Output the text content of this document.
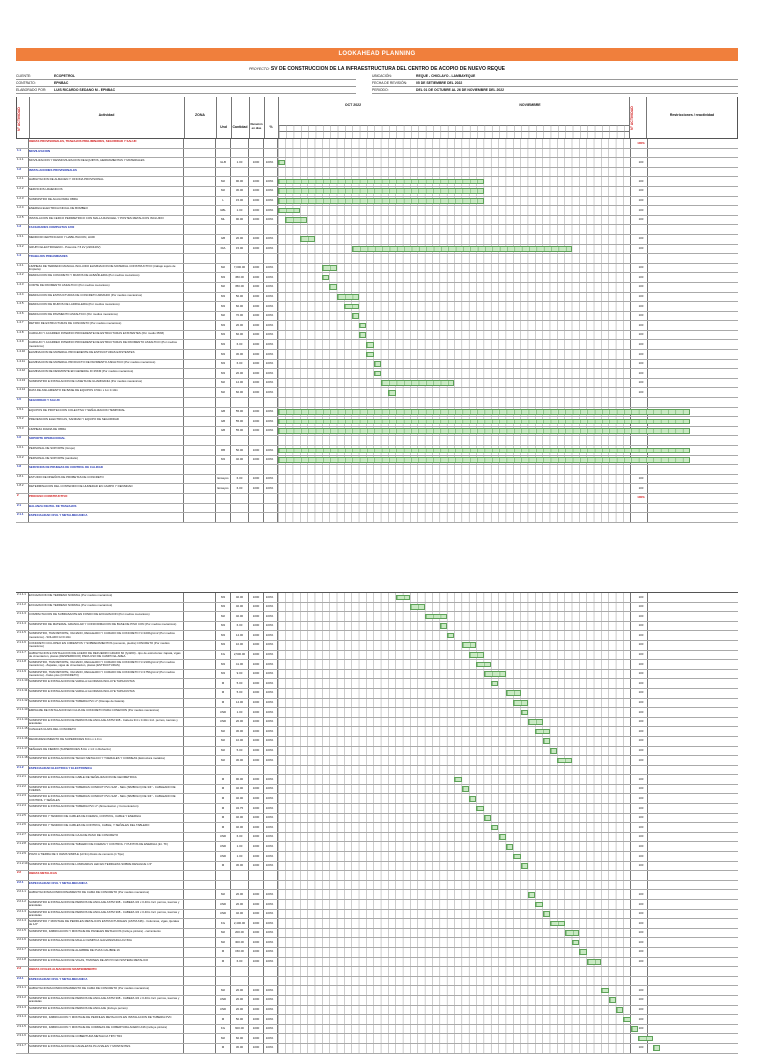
LOOKAHEAD PLANNING
PROYECTO: SV DE CONSTRUCCION DE LA INFRAESTRUCTURA DEL CENTRO DE ACOPIO DE NUEVO REQUE
CLIENTE:	ECOPETROL
CONTRATO:	EPNBAC
ELABORADO POR: LUIS RICARDO SEDANO M - EPNBAC
UBICACIÓN:	REQUE - CHICLAYO - LAMBAYEQUE
FECHA DE REVISIÓN:	05 DE SETIEMBRE DEL 2022
PERIODO:	DEL 01 DE OCTUBRE AL 26 DE NOVIEMBRE DEL 2022
N° ACTIVIDAD	Actividad	ZONA
Und	Cantidad
Duración en días	%
OCT 2022	NOVIEMBRE
N° ACTIVIDAD	Restricciones / reactividad
OBRAS PROVISIONALES, TRABAJOS PRELIMINARES, SEGURIDAD Y SALUD	100%
1.1	MOVILIZACION
1.1.1	MOVILIZACION Y DESMOVILIZACION DE EQUIPOS, HERRAMIENTAS Y MATERIALES	GLB	1.00	1000	100%	100
1.2	INSTALACIONES PROVISIONALES
1.2.1	HABILITACION DE ALMACEN Y OFICINA PROVISIONAL	M2	90.00	1000	100%	100
1.2.2	SERVICIOS HIGIENICOS	M2	30.00	1000	100%	100
1.2.3	SUMINISTRO DE AGUA PARA OBRA	L	15.00	1000	100%	100
1.2.4	ENERGIA ELECTRICA INICIAL DE BOMBEO	GBL	1.00	1000	100%	100
1.2.5	INSTALACION DE CERCO PERIMETRICO CON MALLA RASCHEL Y POSTES METALICOS INCLUIDO	ML	90.00	1000	100%	100
1.3	FACILIDADES COMPLETAS 1200
1.3.1	MEDIDOR CERTIFICADO Y HABILITACION, HURI	GB	20.00	1000	100%	100
1.3.2	GRUPO ELECTROGENO - Potencia 7.5 kV (220/440V)	DIA	15.00	1000	100%	100
1.4	TRABAJOS PRELIMINARES
1.4.1	LIMPIEZA DE TERRENO MANUAL INCLUIDO ELIMINACION DE MATERIAL CONSTRUCTIVO (trabajo sujeto de limpieza)	M2	7,000.00	1000	100%	100
1.4.2	DEMOLICION DE CONCRETO Y MUROS DE ALBAÑILERIA (Por medios mecanicos)	M3	450.00	1000	100%	100
1.4.3	CORTE DE PAVIMENTO ASFALTICO (Por medios mecanicos)	M2	350.00	1000	100%	100
1.4.4	DEMOLICION DE ESTRUCTURAS DE CONCRETO ARMADO (Por medios mecanicos)	M3	50.00	1000	100%	100
1.4.5	DEMOLICION DE MUROS DE LADRILLERIA (Por medios mecanicos)	M3	60.00	1000	100%	100
1.4.6	DEMOLICION DE PAVIMENTO ASFALTICO (Por medios mecanicos)	M2	70.00	1000	100%	100
1.4.7	RETIRO DE ESTRUCTURAS DE CONCRETO (Por medios mecanicos)	M3	20.00	1000	100%	100
1.4.8	CARGUIO Y ACARREO INTERNO PROCEDENTE DE ESTRUCTURAS EXISTENTES (Por medio PRM)	M3	60.00	1000	100%	100
1.4.9	CARGUIO Y ACARREO INTERNO PROCEDENTE DE ESTRUCTURAS DE PAVIMENTO ASFALTICO (Por medios mecanicos)	M3	6.00	1000	100%	100
1.4.10	ELIMINACION DE MATERIAL PROCEDENTE DE ESTRUCTURAS EXISTENTES	M3	30.00	1000	100%	100
1.4.11	ELIMINACION DE MATERIAL PRODUCTO DE PAVIMENTO ASFALTICO (Por medios mecanicos)	M3	6.00	1000	100%	100
1.4.12	ELIMINACION DE DESMONTE EN GENERAL D=15KM (Por medios mecanicos)	M3	20.00	1000	100%	100
1.4.13	SUMINISTRO E INSTALACION DE CASETA DE GUARDIANIA (Por medios mecanicos)	M2	12.00	1000	100%	100
1.4.14	DATA DE ASILAMIENTO DE BASE DE EQUIPOS 0.50m x 1m 0.10m	M2	60.00	1000	100%	100
1.5	SEGURIDAD Y SALUD
1.5.1	EQUIPOS DE PROTECCION COLECTIVA Y SEÑALIZACION TEMPORAL	GB	55.00	1000	100%
1.5.2	PREVENCION ELECTRICAS, SANIDAD Y EQUIPO DE SEGURIDAD	GB	55.00	1000	100%
1.5.3	LIMPIEZA DIARIA DE OBRA	GB	55.00	1000	100%
1.6	SOPORTE OPERACIONAL
1.6.1	PERSONAL DE SOPORTE (Grupo)	RB	50.00	1000	100%
1.6.2	PERSONAL DE SOPORTE (sanitario)	M3	40.00	1000	100%
1.8	SERVICIOS DE PRUEBAS DE CONTROL DE CALIDAD
1.8.1	ESTUDIO DE DISEÑOS DE PROBETAS DE CONCRETO	Ensayos	6.00	1000	100%	100
1.8.2	DETERMINACION DEL CONTENIDO DE HUMEDAD EN CAMPO Y DENSIDAD	Ensayos	6.00	1000	100%	100
2	PROCESO CONSTRUCTIVO	100%
2.1	BALANZA DIGITAL DE TRABAJOS
2.1.1	ESPECIALIDAD CIVIL Y METALMECANICA
2.1.1.1	EXCAVACION DE TERRENO NORMAL (Por medios mecanicos)	M3	40.00	1000	100%	100
2.1.1.2	EXCAVACION DE TERRENO NORMAL (Por medios mecanicos)	M3	40.00	1000	100%	100
2.1.1.3	COMPACTACION DE SUBRASANTE EN FONDO DE EXCAVACION (Por medios mecanicos)	M2	40.00	1000	100%	100
2.1.1.4	SUMINISTRO DE MATERIAL GRANULAR Y CONFORMACION DE BASE DE PISO CON (Por medios mecanicos)	M3	6.00	1000	100%	100
2.1.1.5	SUMINISTRO, TRANSPORTE, VACIADO, REGLEADO Y CURADO DE CONCRETO f'c=100Kg/cm2 (Por medios mecanicos) - SOLADO H=0.10m	M3	14.00	1000	100%	100
2.1.1.6	CONCRETO CICLOPEO EN CIMIENTOS Y SOBRECIMIENTOS (cemento, piedra) CONCRETO (Por medios mecanicos)	M3	10.00	1000	100%	100
2.1.1.7	HABILITACION E INSTALACION DE ACERO DE REFUERZO GRADO 60 (fy4200) - tipo de estructuras: zapata, vigas de cimentacion, placas (DESPERDICIO) PARA USO DE CAMPO EL AREA	KG	2,500.00	1000	100%	100
2.1.1.8	SUMINISTRO, TRANSPORTE, VACIADO, REGLEADO Y CURADO DE CONCRETO f'c=210Kg/cm2 (Por medios mecanicos) - Zapatas, vigas de cimentacion, placas (ESTRUCTURAS)	M3	41.00	1000	100%	100
2.1.1.9	SUMINISTRO, TRANSPORTE, VACIADO, REGLEADO Y CURADO DE CONCRETO f'c=175Kg/cm2 (Por medios mecanicos) - Falso piso (CONCRETO)	M3	9.00	1000	100%	100
2.1.1.10 SUMINISTRO E INSTALACION DE VARILLA GLORIADA INCLUYE TAPAJUNTAS	M	5.00	1000	100%	100
2.1.1.11 SUMINISTRO E INSTALACION DE VARILLA GLORIADA INCLUYE TAPAJUNTAS	M	5.00	1000	100%	100
2.1.1.12 SUMINISTRO E INSTALACION DE TUBERIA PVC 2" (Drenaje de bateria)	M	14.00	1000	100%	100
2.1.1.13 EMPALME DE INSTALACION EN CAJA DE CONCRETO PARA CONEXION (Por medios mecanicos)	UND	1.00	1000	100%	100
2.1.1.14 SUMINISTRO E INSTALACION DE PERNOS DE ANCLAJE ASTM 308 - Cabeza 3/4 x 0.40m Incl. pernos, tuercas y arandelas	UND	20.00	1000	100%	100
2.1.1.15 CANALES GUIAS DEL CONCRETO	M2	30.00	1000	100%	100
2.1.1.16 RECRUDESCIMIENTO DE SUPERFICIES 8.0m x 1.0 m	M2	10.00	1000	100%	100
2.1.1.17 SEÑALES DE FIERRO (SUPERFICIES 8.0m x 1.0 m Refuerzo)	M2	5.00	1000	100%	100
2.1.1.18 SUMINISTRO E INSTALACION DE TECHO METALICO Y TIJERALES Y CORREAS (Estructura metalica)	M2	30.00	1000	100%	100
2.1.2	ESPECIALIDAD ELECTRICA Y ELECTRONICA
2.1.2.1	SUMINISTRO E INSTALACION DE CABLE DE SEÑALIZACION DE GEOMETRICA	M	90.00	1000	100%	100
2.1.2.2	SUMINISTRO E INSTALACION DE TUBERIAS CONDUIT PVC-SAP - SEG (SIMBOLO) DE 3/4" - CABLEADO DE FUERZA	M	40.00	1000	100%	100
2.1.2.3	SUMINISTRO E INSTALACION DE TUBERIAS CONDUIT PVC-SAP - SEG (SIMBOLO) DE 3/4" - CABLEADO DE CONTROL Y SEÑALES	M	40.00	1000	100%	100
2.1.2.4	SUMINISTRO E INSTALACION DE TUBERIA PVC 2" (Alimentacion y Comunicacion)	M	32.75	1000	100%	100
2.1.2.5	SUMINISTRO Y TENDIDO DE CABLES DE FUERZA, CONTROL, CABLE Y ENERGIA	M	40.00	1000	100%	100
2.1.2.6	SUMINISTRO Y TENDIDO DE CABLES DE CONTROL, CABLE, Y SEÑALES DEL TABLERO	M	40.00	1000	100%	100
2.1.2.7	SUMINISTRO E INSTALACION DE CAJA DE PASO DE CONCRETO	UND	6.00	1000	100%	100
2.1.2.8	SUMINISTRO E INSTALACION DE TABLERO DE FUERZA Y CONTROL Y PUNTOS DE ENERGIA (Int. TF)	UND	1.00	1000	100%	100
2.1.2.9	POZO A TIERRA DE 3 OHMS SIMPLE (H=3m) Dosis de cemento (1 Tipo)	UND	1.00	1000	100%	100
2.1.2.10 SUMINISTRO E INSTALACION DE LUMINARIAS LED EN TERRAZAS SOBRE DESAGUE 1.5"	M	30.00	1000	100%	100
2.2	OBRAS METALICAS
2.2.1	ESPECIALIDAD CIVIL Y METALMECANICA
2.2.1.1	HABILITACION/ACONDICIONAMIENTO DE CAMA DE CONCRETO (Por medios mecanicos)	M2	20.00	1000	100%	100
2.2.1.2	SUMINISTRO E INSTALACION DE PERNOS DE ANCLAJE ASTM 308 - CABEZA 3/4 x 0.40m Incl. pernos, tuercas y arandelas	UND	20.00	1000	100%	100
2.2.1.3	SUMINISTRO E INSTALACION DE PERNOS DE ANCLAJE ASTM 308 - CABEZA 3/4 x 0.40m Incl. pernos, tuercas y arandelas	UND	40.00	1000	100%	100
2.2.1.4	SUMINISTRO Y MONTAJE DE PERFILES METALICOS ESTRUCTURALES (ASTM A36) - Columnas, vigas, tijerales de 1/2"	KG	2,400.00	1000	100%	100
2.2.1.5	SUMINISTRO, FABRICACION Y MONTAJE DE PANELES METALICOS (Incluye pintura) - cerramiento	M2	200.00	1000	100%	100
2.2.1.6	SUMINISTRO E INSTALACION DE MALLA OLIMPICA GALVANIZADA H=2.50m	M2	300.00	1000	100%	100
2.2.1.7	SUMINISTRO E INSTALACION DE ALAMBRE DE PUAS CALIBRE 16	M	150.00	1000	100%	100
2.2.1.8	SUMINISTRO E INSTALACION DE VIGAS, TIMONES DE APOYO EN SISTEMA METALICO	M	6.00	1000	100%	100
2.3	OBRAS CIVILES ALMACEN DE MANTENIMIENTO
2.3.1	ESPECIALIDAD CIVIL Y METALMECANICA
2.3.1.1	HABILITACION/ACONDICIONAMIENTO DE CAMA DE CONCRETO (Por medios mecanicos)	M2	20.00	1000	100%	100
2.3.1.2	SUMINISTRO E INSTALACION DE PERNOS DE ANCLAJE ASTM 308 - CABEZA 3/4 x 0.40m Incl. pernos, tuercas y arandelas	UND	20.00	1000	100%	100
2.3.1.3	SUMINISTRO E INSTALACION DE PERNOS DE ANCLAJE (Incluye pernos)	UND	20.00	1000	100%	100
2.3.1.4	SUMINISTRO, FABRICACION Y MONTAJE DE PERFILES METALICOS EN INSTALACION DE TUBERIA PVC	M	50.00	1000	100%	100
2.3.1.5	SUMINISTRO, FABRICACION Y MONTAJE DE CORREAS DE COBERTURA ACERO A36 (incluye pintura)	KG	600.00	1000	100%	100
2.3.1.6	SUMINISTRO E INSTALACION DE COBERTURA METALICA TIPO TR4	M2	60.00	1000	100%
2.3.1.7	SUMINISTRO E INSTALACION DE CANALETAS PLUVIALES Y MONTANTES	M	30.00	1000	100%	100
